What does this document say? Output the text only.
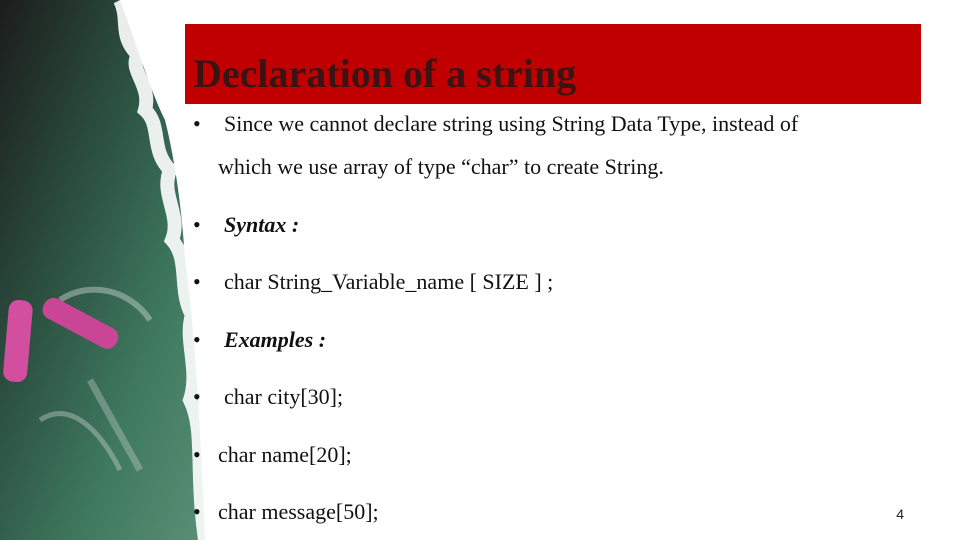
Declaration of a string
• Since we cannot declare string using String Data Type, instead of
which we use array of type “char” to create String.
• Syntax :
• char String_Variable_name [ SIZE ] ;
• Examples :
• char city[30];
• char name[20];
• char message[50];	4
